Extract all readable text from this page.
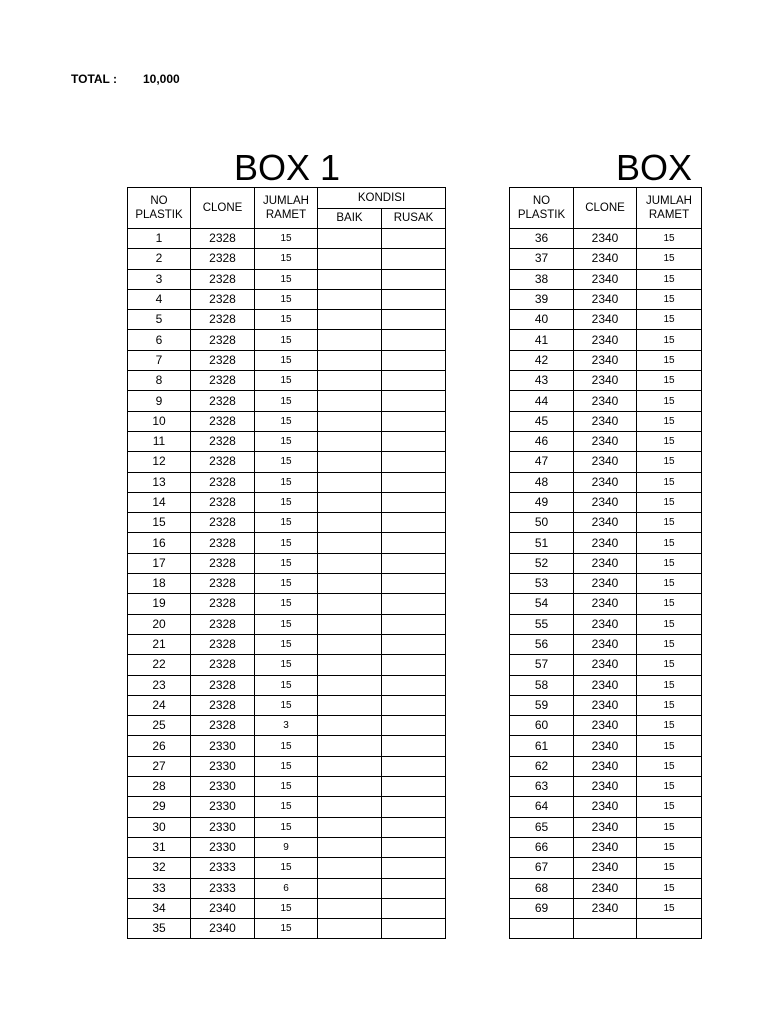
TOTAL : 10,000
BOX 1	BOX
NO PLASTIK	CLONE	JUMLAH RAMET	KONDISI	
			BAIK	RUSAK
1	2328	15		
2	2328	15		
3	2328	15		
4	2328	15		
5	2328	15		
6	2328	15		
7	2328	15		
8	2328	15		
9	2328	15		
10	2328	15		
11	2328	15		
12	2328	15		
13	2328	15		
14	2328	15		
15	2328	15		
16	2328	15		
17	2328	15		
18	2328	15		
19	2328	15		
20	2328	15		
21	2328	15		
22	2328	15		
23	2328	15		
24	2328	15		
25	2328	3		
26	2330	15		
27	2330	15		
28	2330	15		
29	2330	15		
30	2330	15		
31	2330	9		
32	2333	15		
33	2333	6		
34	2340	15		
35	2340	15		
NO PLASTIK	CLONE	JUMLAH RAMET
36	2340	15
37	2340	15
38	2340	15
39	2340	15
40	2340	15
41	2340	15
42	2340	15
43	2340	15
44	2340	15
45	2340	15
46	2340	15
47	2340	15
48	2340	15
49	2340	15
50	2340	15
51	2340	15
52	2340	15
53	2340	15
54	2340	15
55	2340	15
56	2340	15
57	2340	15
58	2340	15
59	2340	15
60	2340	15
61	2340	15
62	2340	15
63	2340	15
64	2340	15
65	2340	15
66	2340	15
67	2340	15
68	2340	15
69	2340	15
